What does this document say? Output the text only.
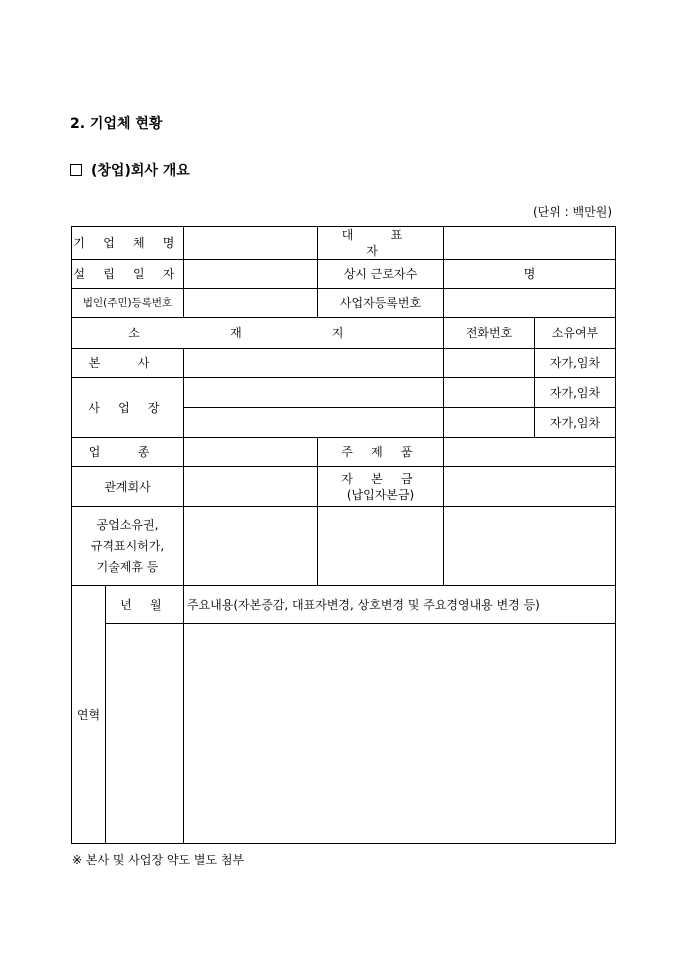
2. 기업체 현황
(창업)회사 개요
(단위 : 백만원)
기 업 체 명			대 표 자		
설 립 일 자			상시 근로자수	명	
법인(주민)등록번호			사업자등록번호		
소 재 지				전화번호	소유여부
본 사					자가,임차
사 업 장					자가,임차
					자가,임차
업 종			주 제 품		
관계회사			자 본 금
(납입자본금)		

공업소유권,
규격표시허가,
기술제휴 등					

연혁	년 월	주요내용(자본증감, 대표자변경, 상호변경 및 주요경영내용 변경 등)			

※ 본사 및 사업장 약도 별도 첨부
